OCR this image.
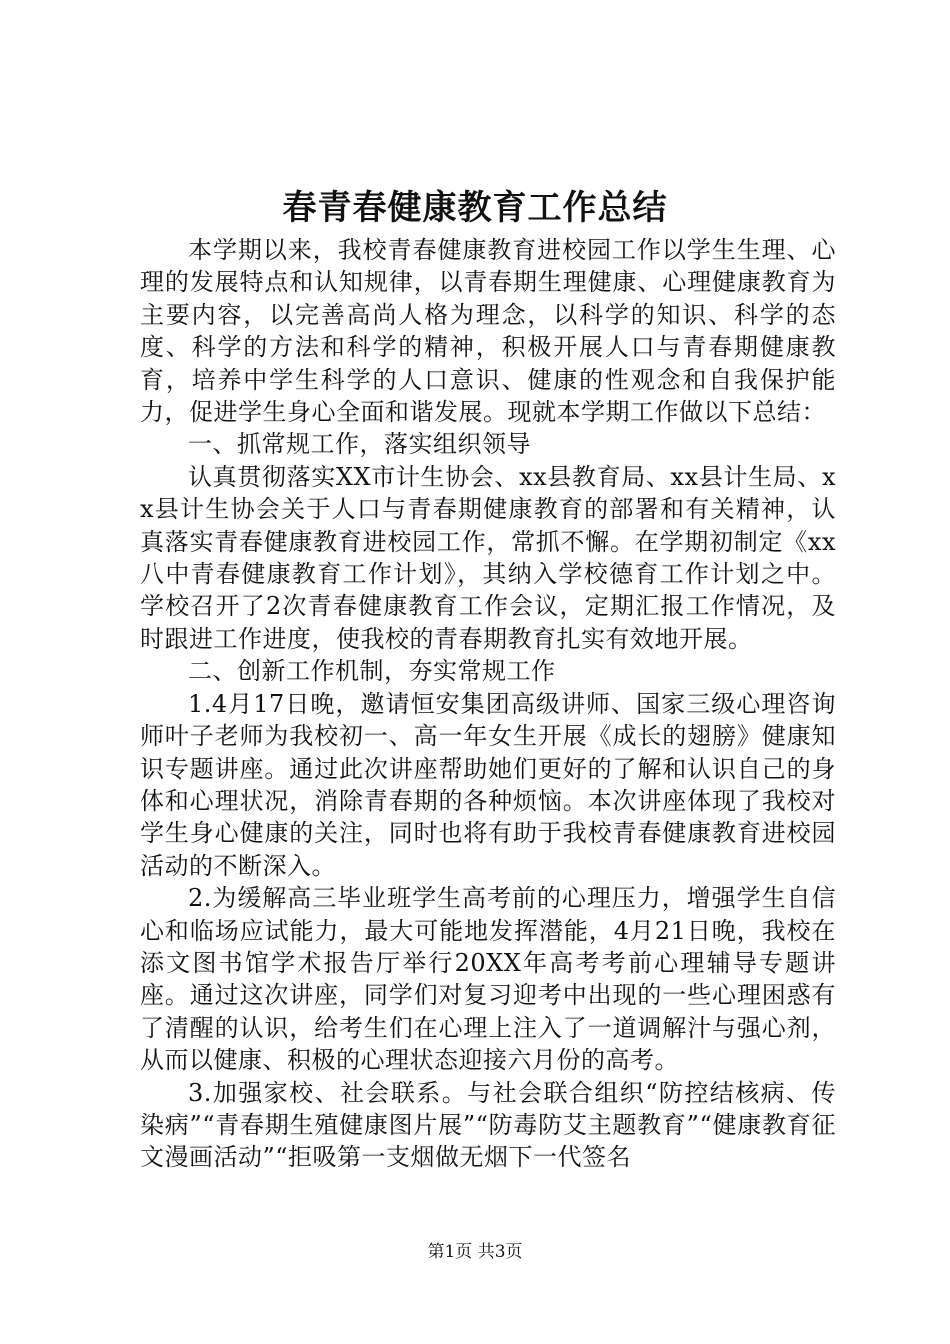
春青春健康教育工作总结

本学期以来，我校青春健康教育进校园工作以学生生理、心理的发展特点和认知规律，以青春期生理健康、心理健康教育为主要内容，以完善高尚人格为理念，以科学的知识、科学的态度、科学的方法和科学的精神，积极开展人口与青春期健康教育，培养中学生科学的人口意识、健康的性观念和自我保护能力，促进学生身心全面和谐发展。现就本学期工作做以下总结：

一、抓常规工作，落实组织领导

认真贯彻落实XX市计生协会、xx县教育局、xx县计生局、xx县计生协会关于人口与青春期健康教育的部署和有关精神，认真落实青春健康教育进校园工作，常抓不懈。在学期初制定《xx八中青春健康教育工作计划》，其纳入学校德育工作计划之中。学校召开了2次青春健康教育工作会议，定期汇报工作情况，及时跟进工作进度，使我校的青春期教育扎实有效地开展。

二、创新工作机制，夯实常规工作

1.4月17日晚，邀请恒安集团高级讲师、国家三级心理咨询师叶子老师为我校初一、高一年女生开展《成长的翅膀》健康知识专题讲座。通过此次讲座帮助她们更好的了解和认识自己的身体和心理状况，消除青春期的各种烦恼。本次讲座体现了我校对学生身心健康的关注，同时也将有助于我校青春健康教育进校园活动的不断深入。

2.为缓解高三毕业班学生高考前的心理压力，增强学生自信心和临场应试能力，最大可能地发挥潜能，4月21日晚，我校在添文图书馆学术报告厅举行20XX年高考考前心理辅导专题讲座。通过这次讲座，同学们对复习迎考中出现的一些心理困惑有了清醒的认识，给考生们在心理上注入了一道调解汁与强心剂，从而以健康、积极的心理状态迎接六月份的高考。

3.加强家校、社会联系。与社会联合组织“防控结核病、传染病”“青春期生殖健康图片展”“防毒防艾主题教育”“健康教育征文漫画活动”“拒吸第一支烟做无烟下一代签名

第1页 共3页
